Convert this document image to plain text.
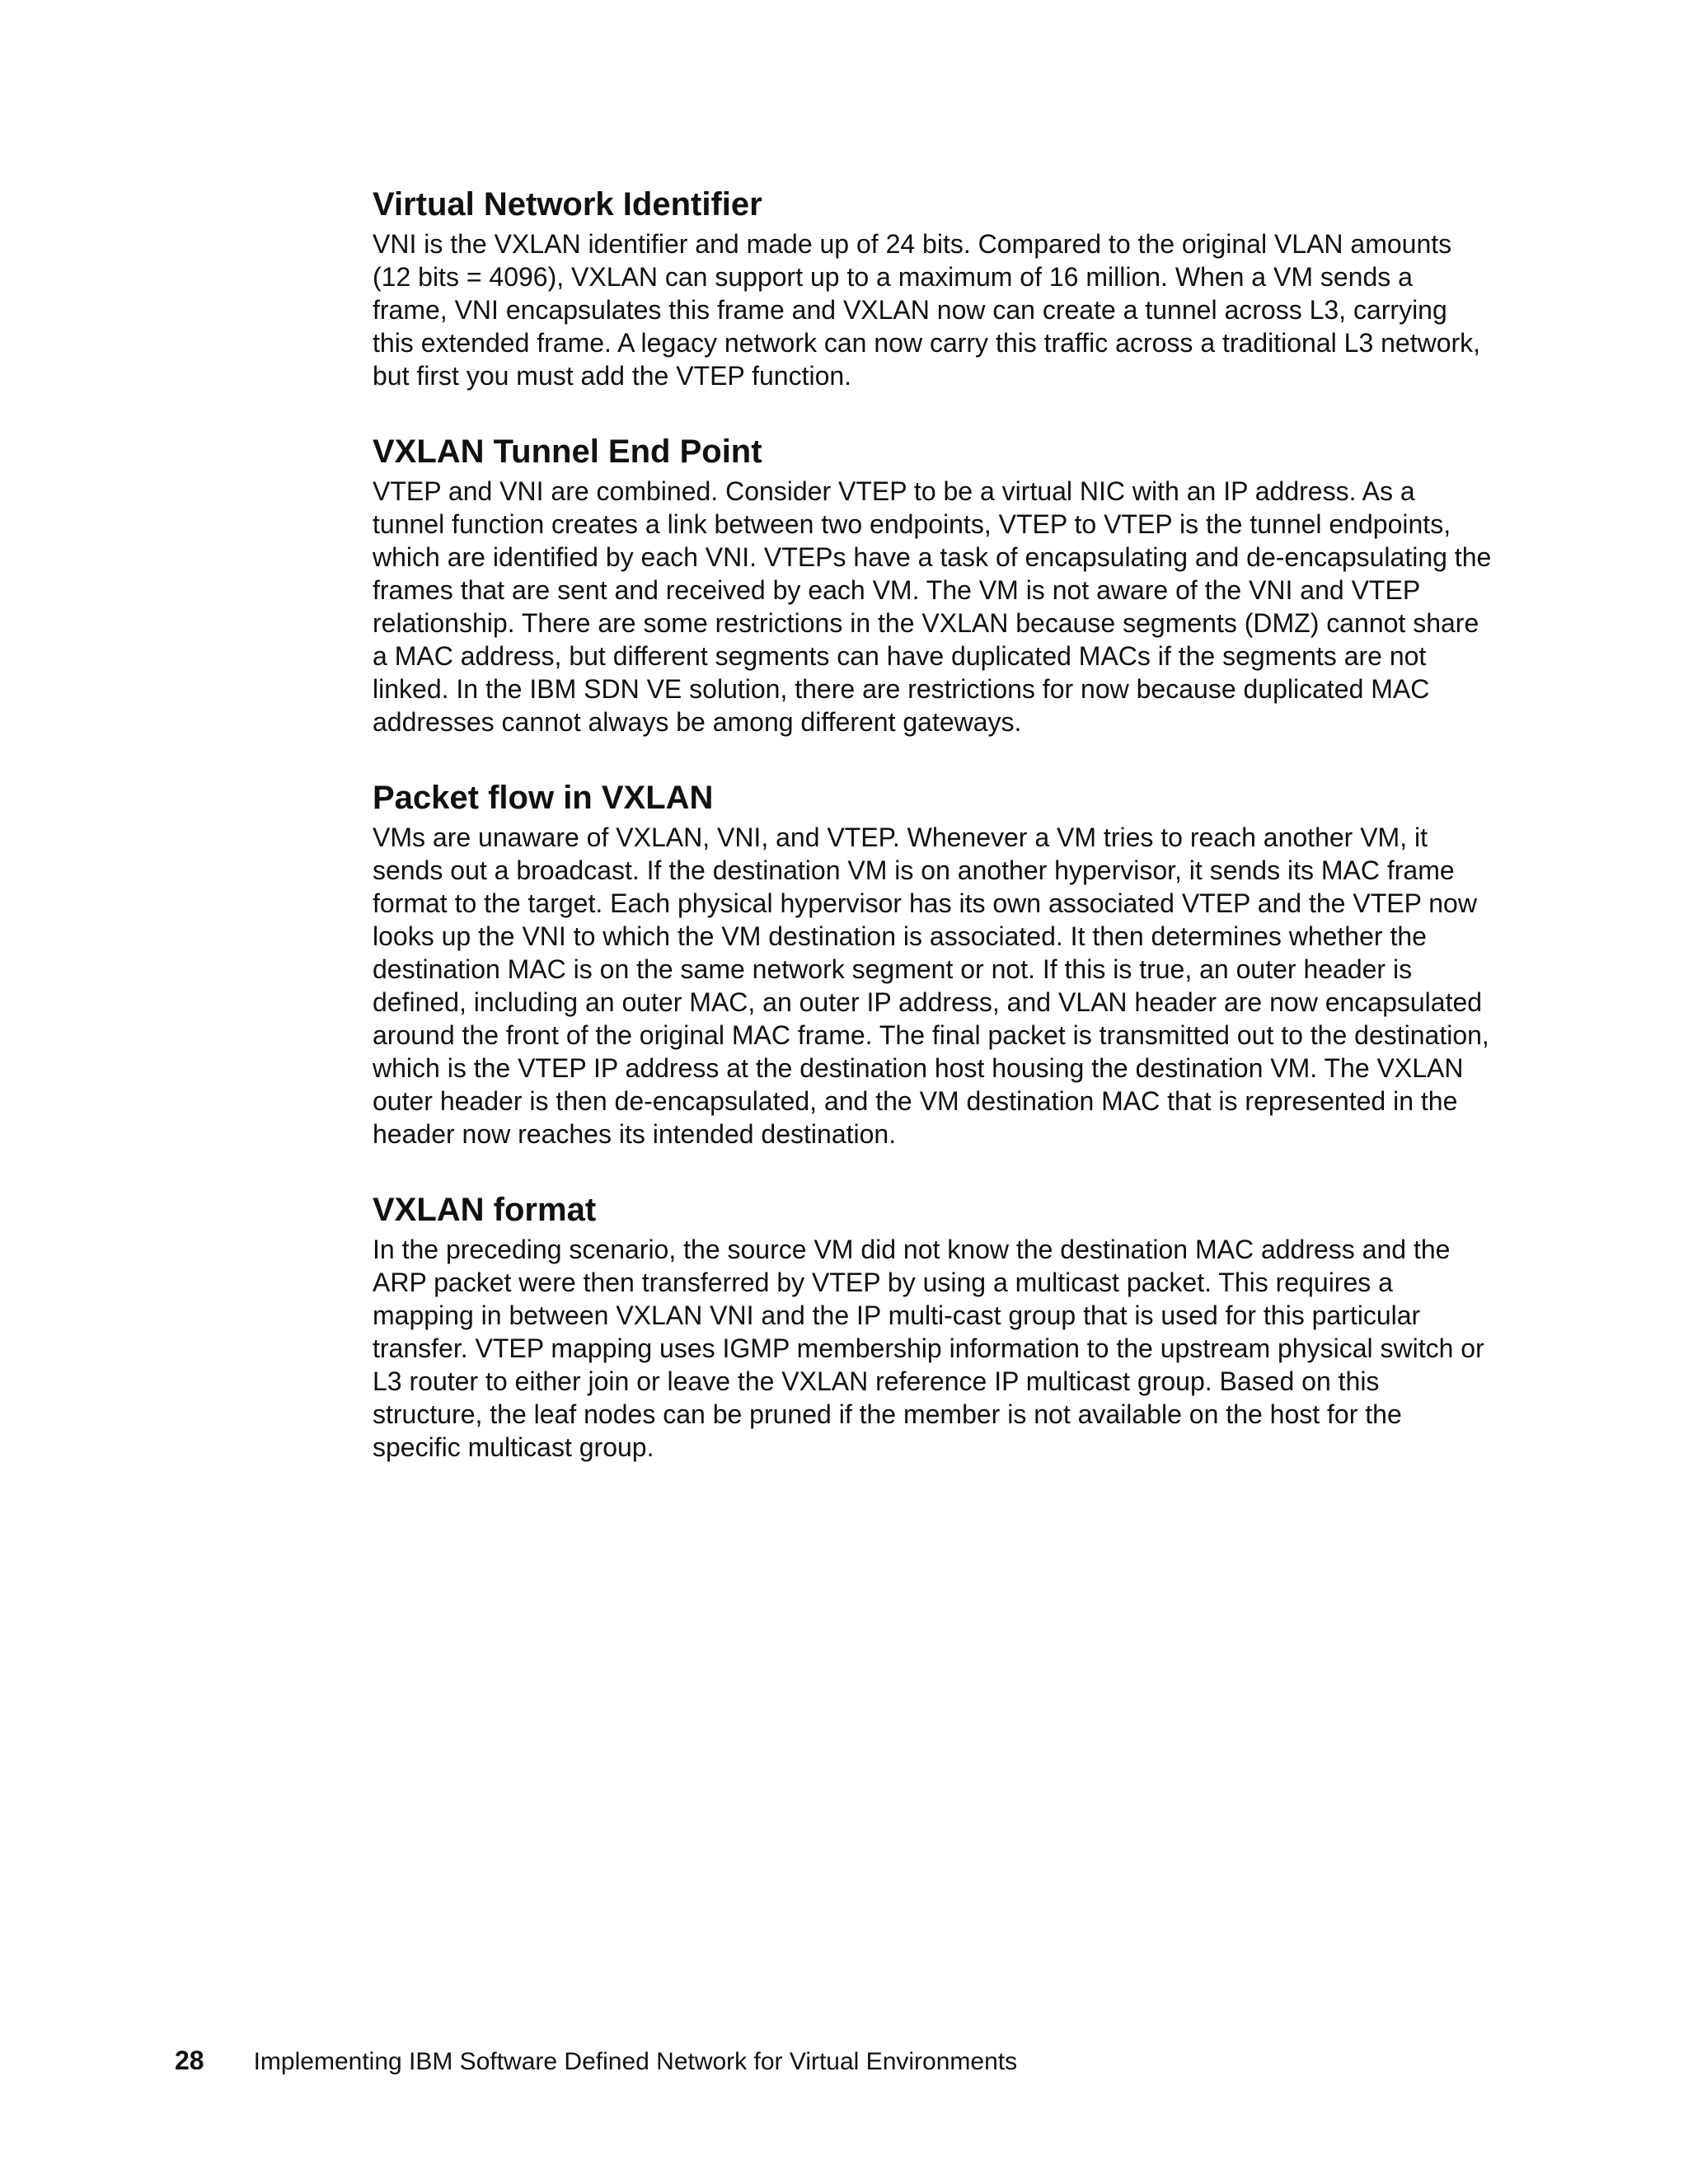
Virtual Network Identifier

VNI is the VXLAN identifier and made up of 24 bits. Compared to the original VLAN amounts (12 bits = 4096), VXLAN can support up to a maximum of 16 million. When a VM sends a frame, VNI encapsulates this frame and VXLAN now can create a tunnel across L3, carrying this extended frame. A legacy network can now carry this traffic across a traditional L3 network, but first you must add the VTEP function.

VXLAN Tunnel End Point

VTEP and VNI are combined. Consider VTEP to be a virtual NIC with an IP address. As a tunnel function creates a link between two endpoints, VTEP to VTEP is the tunnel endpoints, which are identified by each VNI. VTEPs have a task of encapsulating and de-encapsulating the frames that are sent and received by each VM. The VM is not aware of the VNI and VTEP relationship. There are some restrictions in the VXLAN because segments (DMZ) cannot share a MAC address, but different segments can have duplicated MACs if the segments are not linked. In the IBM SDN VE solution, there are restrictions for now because duplicated MAC addresses cannot always be among different gateways.

Packet flow in VXLAN

VMs are unaware of VXLAN, VNI, and VTEP. Whenever a VM tries to reach another VM, it sends out a broadcast. If the destination VM is on another hypervisor, it sends its MAC frame format to the target. Each physical hypervisor has its own associated VTEP and the VTEP now looks up the VNI to which the VM destination is associated. It then determines whether the destination MAC is on the same network segment or not. If this is true, an outer header is defined, including an outer MAC, an outer IP address, and VLAN header are now encapsulated around the front of the original MAC frame. The final packet is transmitted out to the destination, which is the VTEP IP address at the destination host housing the destination VM. The VXLAN outer header is then de-encapsulated, and the VM destination MAC that is represented in the header now reaches its intended destination.

VXLAN format

In the preceding scenario, the source VM did not know the destination MAC address and the ARP packet were then transferred by VTEP by using a multicast packet. This requires a mapping in between VXLAN VNI and the IP multi-cast group that is used for this particular transfer. VTEP mapping uses IGMP membership information to the upstream physical switch or L3 router to either join or leave the VXLAN reference IP multicast group. Based on this structure, the leaf nodes can be pruned if the member is not available on the host for the specific multicast group.

28 Implementing IBM Software Defined Network for Virtual Environments
